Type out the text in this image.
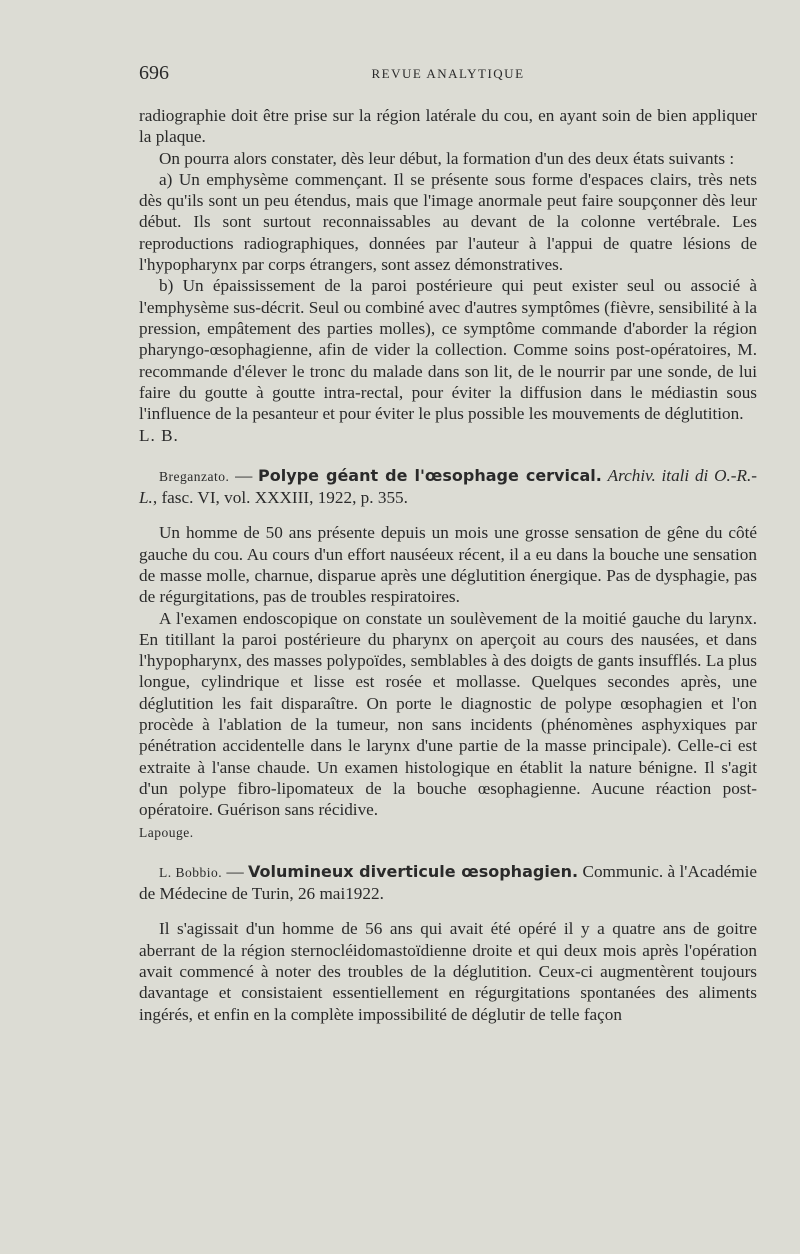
696	REVUE ANALYTIQUE

radiographie doit être prise sur la région latérale du cou, en ayant soin de bien appliquer la plaque.

On pourra alors constater, dès leur début, la formation d'un des deux états suivants :

a) Un emphysème commençant. Il se présente sous forme d'espaces clairs, très nets dès qu'ils sont un peu étendus, mais que l'image anormale peut faire soupçonner dès leur début. Ils sont surtout reconnaissables au devant de la colonne vertébrale. Les reproductions radiographiques, données par l'auteur à l'appui de quatre lésions de l'hypopharynx par corps étrangers, sont assez démonstratives.

b) Un épaississement de la paroi postérieure qui peut exister seul ou associé à l'emphysème sus-décrit. Seul ou combiné avec d'autres symptômes (fièvre, sensibilité à la pression, empâtement des parties molles), ce symptôme commande d'aborder la région pharyngo-œsophagienne, afin de vider la collection. Comme soins post-opératoires, M. recommande d'élever le tronc du malade dans son lit, de le nourrir par une sonde, de lui faire du goutte à goutte intra-rectal, pour éviter la diffusion dans le médiastin sous l'influence de la pesanteur et pour éviter le plus possible les mouvements de déglutition.

L. B.

Breganzato. — Polype géant de l'œsophage cervical. Archiv. itali di O.-R.-L., fasc. VI, vol. XXXIII, 1922, p. 355.

Un homme de 50 ans présente depuis un mois une grosse sensation de gêne du côté gauche du cou. Au cours d'un effort nauséeux récent, il a eu dans la bouche une sensation de masse molle, charnue, disparue après une déglutition énergique. Pas de dysphagie, pas de régurgitations, pas de troubles respiratoires.

A l'examen endoscopique on constate un soulèvement de la moitié gauche du larynx. En titillant la paroi postérieure du pharynx on aperçoit au cours des nausées, et dans l'hypopharynx, des masses polypoïdes, semblables à des doigts de gants insufflés. La plus longue, cylindrique et lisse est rosée et mollasse. Quelques secondes après, une déglutition les fait disparaître. On porte le diagnostic de polype œsophagien et l'on procède à l'ablation de la tumeur, non sans incidents (phénomènes asphyxiques par pénétration accidentelle dans le larynx d'une partie de la masse principale). Celle-ci est extraite à l'anse chaude. Un examen histologique en établit la nature bénigne. Il s'agit d'un polype fibro-lipomateux de la bouche œsophagienne. Aucune réaction post-opératoire. Guérison sans récidive.

Lapouge.

L. Bobbio. — Volumineux diverticule œsophagien. Communic. à l'Académie de Médecine de Turin, 26 mai1922.

Il s'agissait d'un homme de 56 ans qui avait été opéré il y a quatre ans de goitre aberrant de la région sternocléidomastoïdienne droite et qui deux mois après l'opération avait commencé à noter des troubles de la déglutition. Ceux-ci augmentèrent toujours davantage et consistaient essentiellement en régurgitations spontanées des aliments ingérés, et enfin en la complète impossibilité de déglutir de telle façon
